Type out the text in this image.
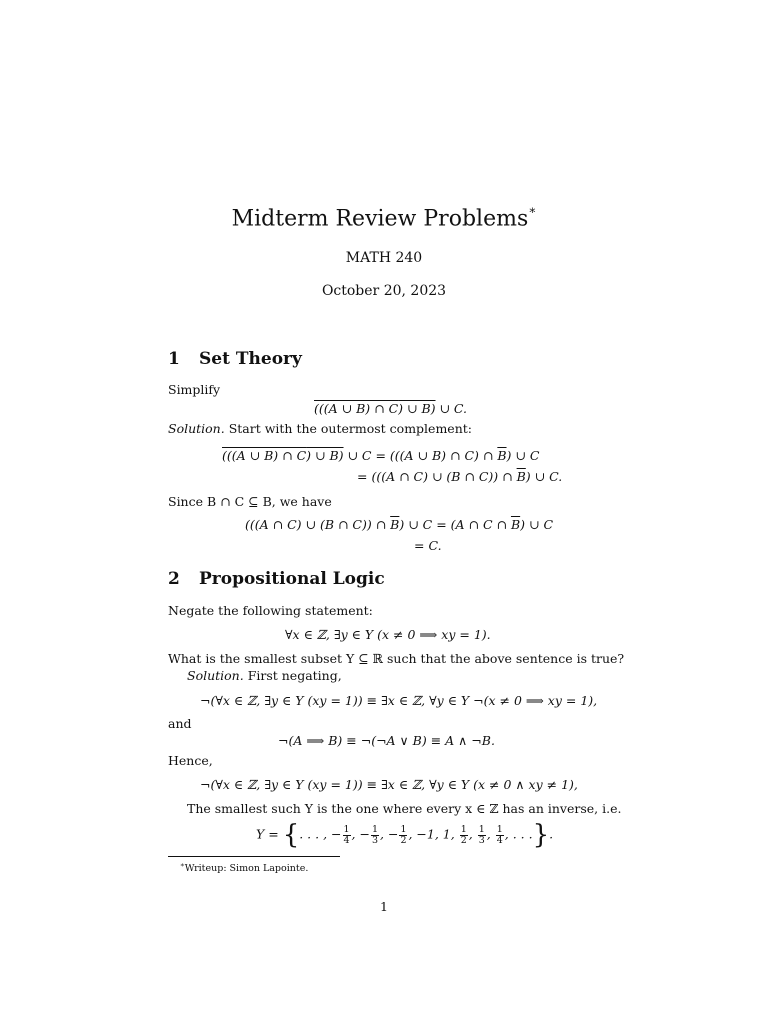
Midterm Review Problems∗
MATH 240
October 20, 2023
1 Set Theory
Simplify
(((A ∪ B) ∩ C) ∪ B) ∪ C.
Solution. Start with the outermost complement:
(((A ∪ B) ∩ C) ∪ B) ∪ C = (((A ∪ B) ∩ C) ∩ $\overline{B}$) ∪ C
= (((A ∩ C) ∪ (B ∩ C)) ∩ $\overline{B}$) ∪ C.
Since B ∩ C ⊆ B, we have
(((A ∩ C) ∪ (B ∩ C)) ∩ $\overline{B}$) ∪ C = (A ∩ C ∩ $\overline{B}$) ∪ C
= C.
2 Propositional Logic
Negate the following statement:
∀x ∈ ℤ, ∃y ∈ Y (x ≠ 0 ⟹ xy = 1).
What is the smallest subset Y ⊆ ℝ such that the above sentence is true?
Solution. First negating,
¬(∀x ∈ ℤ, ∃y ∈ Y (xy = 1)) ≡ ∃x ∈ ℤ, ∀y ∈ Y ¬(x ≠ 0 ⟹ xy = 1),
and
¬(A ⟹ B) ≡ ¬(¬A ∨ B) ≡ A ∧ ¬B.
Hence,
¬(∀x ∈ ℤ, ∃y ∈ Y (xy = 1)) ≡ ∃x ∈ ℤ, ∀y ∈ Y (x ≠ 0 ∧ xy ≠ 1),
The smallest such Y is the one where every x ∈ ℤ has an inverse, i.e.
Y = {. . . , − $\frac{1}{4}$ , − $\frac{1}{3}$ , − $\frac{1}{2}$ , −1, 1, $\frac{1}{2}$ , $\frac{1}{3}$ , $\frac{1}{4}$ , . . .}.
∗Writeup: Simon Lapointe.
1
